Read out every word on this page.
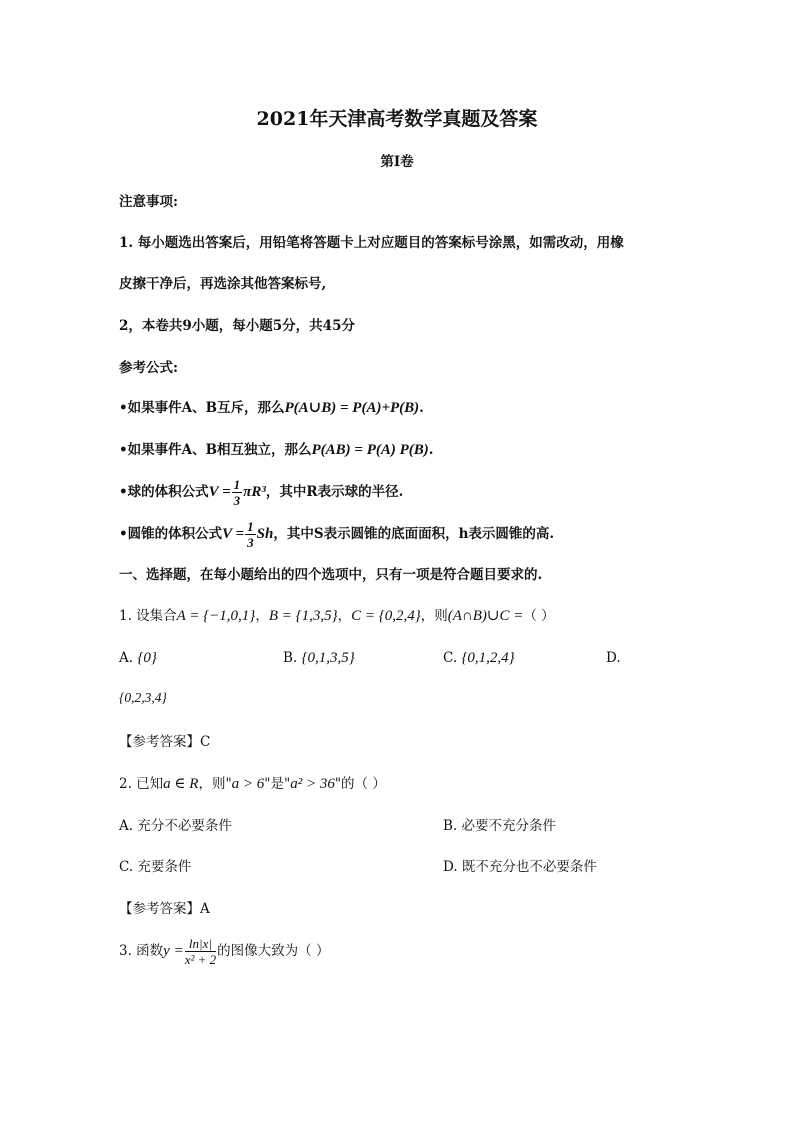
2021年天津高考数学真题及答案
第I卷
注意事项:
1. 每小题选出答案后，用铅笔将答题卡上对应题目的答案标号涂黑，如需改动，用橡
皮擦干净后，再选涂其他答案标号,
2，本卷共9小题，每小题5分，共45分
参考公式:
•如果事件A、B互斥，那么P(A∪B) = P(A)+P(B).
•如果事件A、B相互独立，那么P(AB) = P(A) P(B).
•球的体积公式$V = \frac{1}{3} \pi R^3$，其中R表示球的半径.
•圆锥的体积公式$V = \frac{1}{3}$ Sh，其中S表示圆锥的底面面积，h表示圆锥的高.
一、选择题，在每小题给出的四个选项中，只有一项是符合题目要求的.
1. 设集合A = {−1,0,1}，B = {1,3,5}，C = {0,2,4}，则(A∩B)∪C =（ ）
A. {0}	B. {0,1,3,5}	C. {0,1,2,4}	D.
{0,2,3,4}
【参考答案】C
2. 已知a ∈ R，则"a > 6"是"a² > 36"的（ ）
A. 充分不必要条件	B. 必要不充分条件
C. 充要条件	D. 既不充分也不必要条件
【参考答案】A
3. 函数$y = \frac{\ln|x|}{\text{x² + 2}}$ 的图像大致为（ ）
